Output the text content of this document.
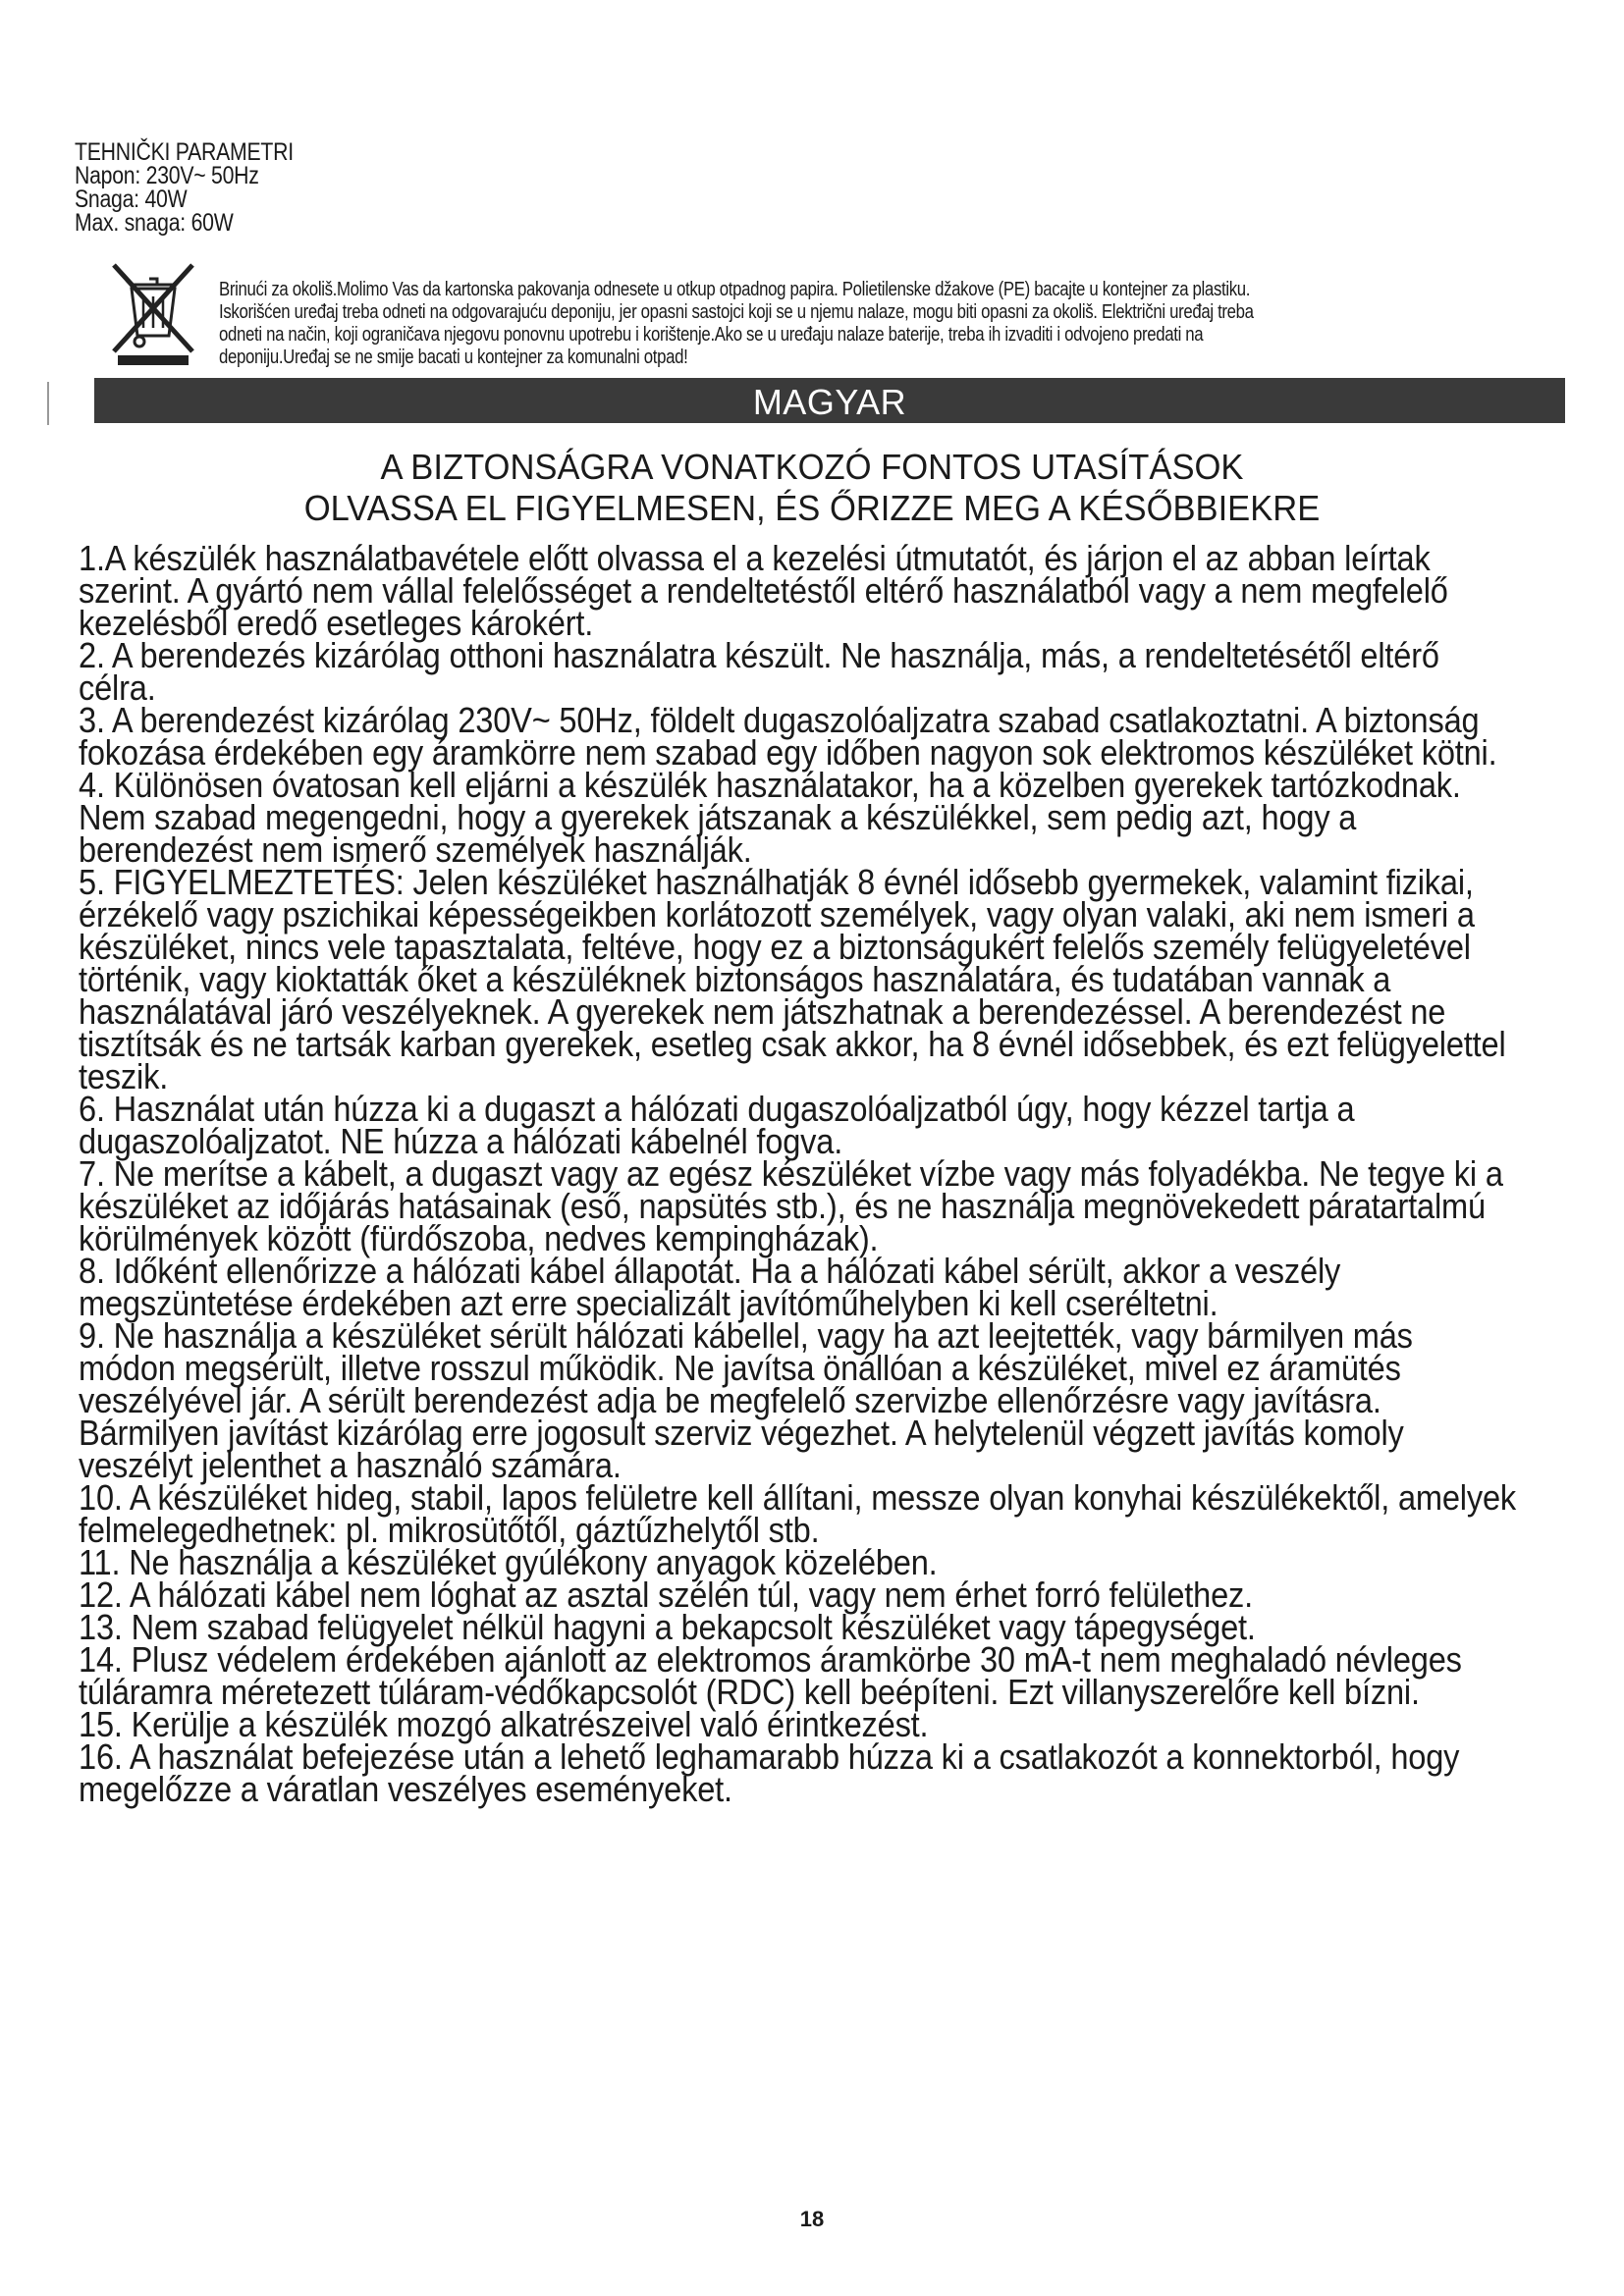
TEHNIČKI PARAMETRI
Napon: 230V~ 50Hz
Snaga: 40W
Max. snaga: 60W

Brinući za okoliš.Molimo Vas da kartonska pakovanja odnesete u otkup otpadnog papira. Polietilenske džakove (PE) bacajte u kontejner za plastiku.

Iskorišćen uređaj treba odneti na odgovarajuću deponiju, jer opasni sastojci koji se u njemu nalaze, mogu biti opasni za okoliš. Električni uređaj treba

odneti na način, koji ograničava njegovu ponovnu upotrebu i korištenje.Ako se u uređaju nalaze baterije, treba ih izvaditi i odvojeno predati na

deponiju.Uređaj se ne smije bacati u kontejner za komunalni otpad!

MAGYAR
A BIZTONSÁGRA VONATKOZÓ FONTOS UTASÍTÁSOK
OLVASSA EL FIGYELMESEN, ÉS ŐRIZZE MEG A KÉSŐBBIEKRE

1.A készülék használatbavétele előtt olvassa el a kezelési útmutatót, és járjon el az abban leírtak szerint. A gyártó nem vállal felelősséget a rendeltetéstől eltérő használatból vagy a nem megfelelő kezelésből eredő esetleges károkért.

2. A berendezés kizárólag otthoni használatra készült. Ne használja, más, a rendeltetésétől eltérő célra.

3. A berendezést kizárólag 230V~ 50Hz, földelt dugaszolóaljzatra szabad csatlakoztatni. A biztonság fokozása érdekében egy áramkörre nem szabad egy időben nagyon sok elektromos készüléket kötni.

4. Különösen óvatosan kell eljárni a készülék használatakor, ha a közelben gyerekek tartózkodnak. Nem szabad megengedni, hogy a gyerekek játszanak a készülékkel, sem pedig azt, hogy a berendezést nem ismerő személyek használják.

5. FIGYELMEZTETÉS: Jelen készüléket használhatják 8 évnél idősebb gyermekek, valamint fizikai, érzékelő vagy pszichikai képességeikben korlátozott személyek, vagy olyan valaki, aki nem ismeri a készüléket, nincs vele tapasztalata, feltéve, hogy ez a biztonságukért felelős személy felügyeletével történik, vagy kioktatták őket a készüléknek biztonságos használatára, és tudatában vannak a használatával járó veszélyeknek. A gyerekek nem játszhatnak a berendezéssel. A berendezést ne tisztítsák és ne tartsák karban gyerekek, esetleg csak akkor, ha 8 évnél idősebbek, és ezt felügyelettel teszik.

6. Használat után húzza ki a dugaszt a hálózati dugaszolóaljzatból úgy, hogy kézzel tartja a dugaszolóaljzatot. NE húzza a hálózati kábelnél fogva.

7. Ne merítse a kábelt, a dugaszt vagy az egész készüléket vízbe vagy más folyadékba. Ne tegye ki a készüléket az időjárás hatásainak (eső, napsütés stb.), és ne használja megnövekedett páratartalmú körülmények között (fürdőszoba, nedves kempingházak).

8. Időként ellenőrizze a hálózati kábel állapotát. Ha a hálózati kábel sérült, akkor a veszély megszüntetése érdekében azt erre specializált javítóműhelyben ki kell cseréltetni.

9. Ne használja a készüléket sérült hálózati kábellel, vagy ha azt leejtették, vagy bármilyen más módon megsérült, illetve rosszul működik. Ne javítsa önállóan a készüléket, mivel ez áramütés veszélyével jár. A sérült berendezést adja be megfelelő szervizbe ellenőrzésre vagy javításra. Bármilyen javítást kizárólag erre jogosult szerviz végezhet. A helytelenül végzett javítás komoly veszélyt jelenthet a használó számára.

10. A készüléket hideg, stabil, lapos felületre kell állítani, messze olyan konyhai készülékektől, amelyek felmelegedhetnek: pl. mikrosütőtől, gáztűzhelytől stb.

11. Ne használja a készüléket gyúlékony anyagok közelében.

12. A hálózati kábel nem lóghat az asztal szélén túl, vagy nem érhet forró felülethez.

13. Nem szabad felügyelet nélkül hagyni a bekapcsolt készüléket vagy tápegységet.

14. Plusz védelem érdekében ajánlott az elektromos áramkörbe 30 mA-t nem meghaladó névleges túláramra méretezett túláram-védőkapcsolót (RDC) kell beépíteni. Ezt villanyszerelőre kell bízni.

15. Kerülje a készülék mozgó alkatrészeivel való érintkezést.

16. A használat befejezése után a lehető leghamarabb húzza ki a csatlakozót a konnektorból, hogy megelőzze a váratlan veszélyes eseményeket.

18
